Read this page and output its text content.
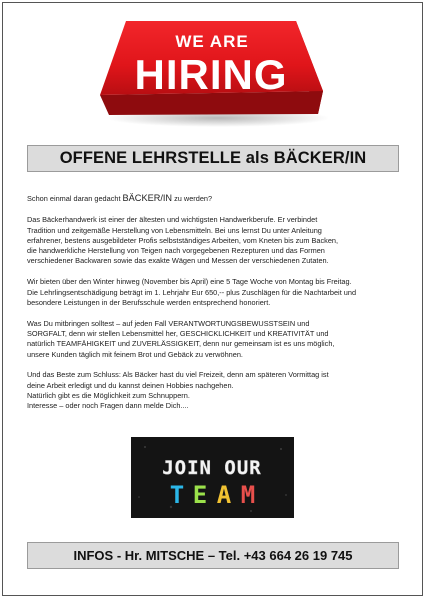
WE ARE
HIRING
OFFENE LEHRSTELLE als BÄCKER/IN

Schon einmal daran gedacht BÄCKER/IN zu werden?

Das Bäckerhandwerk ist einer der ältesten und wichtigsten Handwerkberufe. Er verbindet
Tradition und zeitgemäße Herstellung von Lebensmitteln. Bei uns lernst Du unter Anleitung
erfahrener, bestens ausgebildeter Profis selbstständiges Arbeiten, vom Kneten bis zum Backen,
die handwerkliche Herstellung von Teigen nach vorgegebenen Rezepturen und das Formen
verschiedener Backwaren sowie das exakte Wägen und Messen der verschiedenen Zutaten.

Wir bieten über den Winter hinweg (November bis April) eine 5 Tage Woche von Montag bis Freitag.
Die Lehrlingsentschädigung beträgt im 1. Lehrjahr Eur 650,-- plus Zuschlägen für die Nachtarbeit und
besondere Leistungen in der Berufsschule werden entsprechend honoriert.

Was Du mitbringen solltest – auf jeden Fall VERANTWORTUNGSBEWUSSTSEIN und
SORGFALT, denn wir stellen Lebensmittel her, GESCHICKLICHKEIT und KREATIVITÄT und
natürlich TEAMFÄHIGKEIT und ZUVERLÄSSIGKEIT, denn nur gemeinsam ist es uns möglich,
unsere Kunden täglich mit feinem Brot und Gebäck zu verwöhnen.

Und das Beste zum Schluss: Als Bäcker hast du viel Freizeit, denn am späteren Vormittag ist
deine Arbeit erledigt und du kannst deinen Hobbies nachgehen.
Natürlich gibt es die Möglichkeit zum Schnuppern.
Interesse – oder noch Fragen dann melde Dich....

JOIN OUR
T E A M
INFOS - Hr. MITSCHE – Tel. +43 664 26 19 745
